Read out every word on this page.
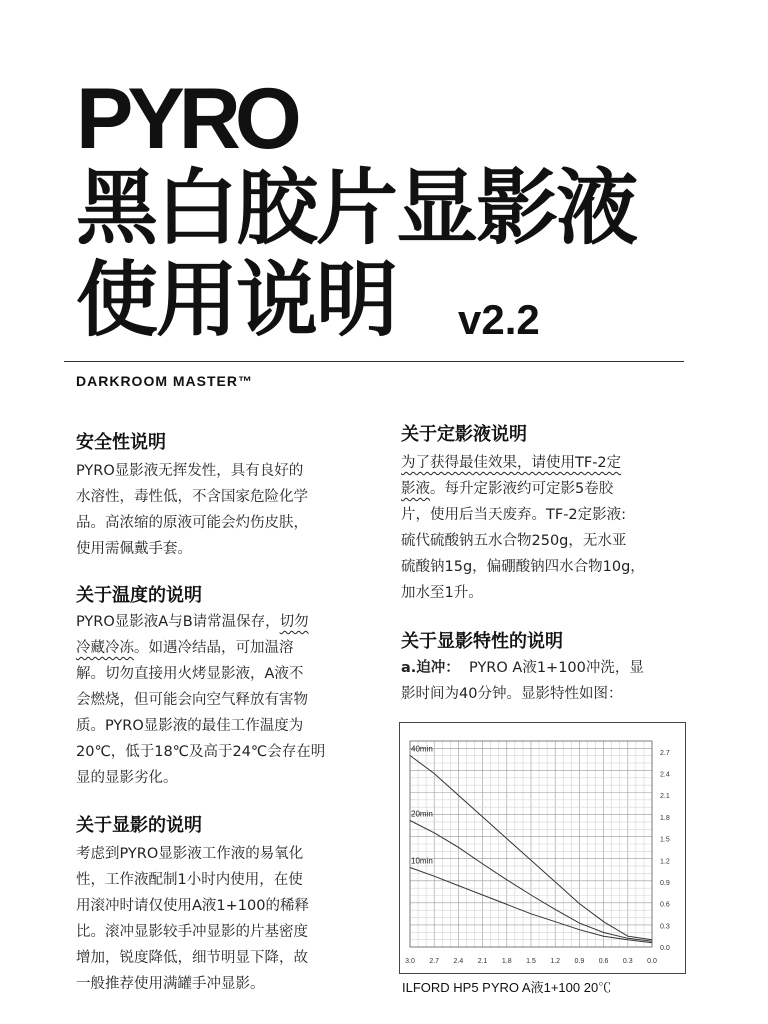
PYRO
黑白胶片显影液
使用说明 v2.2
DARKROOM MASTER™
安全性说明
PYRO显影液无挥发性，具有良好的
水溶性，毒性低，不含国家危险化学
品。高浓缩的原液可能会灼伤皮肤，
使用需佩戴手套。
关于温度的说明
PYRO显影液A与B请常温保存，切勿
冷藏冷冻。如遇冷结晶，可加温溶
解。切勿直接用火烤显影液，A液不
会燃烧，但可能会向空气释放有害物
质。PYRO显影液的最佳工作温度为
20℃，低于18℃及高于24℃会存在明
显的显影劣化。
关于显影的说明
考虑到PYRO显影液工作液的易氧化
性，工作液配制1小时内使用，在使
用滚冲时请仅使用A液1+100的稀释
比。滚冲显影较手冲显影的片基密度
增加，锐度降低，细节明显下降，故
一般推荐使用满罐手冲显影。
关于定影液说明
为了获得最佳效果，请使用TF-2定
影液。每升定影液约可定影5卷胶
片，使用后当天废弃。TF-2定影液:
硫代硫酸钠五水合物250g，无水亚
硫酸钠15g，偏硼酸钠四水合物10g，
加水至1升。
关于显影特性的说明
a.迫冲：  PYRO A液1+100冲洗，显
影时间为40分钟。显影特性如图：
3.0 2.7 2.4 2.1 1.8 1.5 1.2 0.9 0.6 0.3 0.0
0.0
0.3
0.6
0.9
1.2
1.5
1.8
2.1
2.4
2.7
40min
20min
10min
ILFORD HP5 PYRO A液1+100 20℃
